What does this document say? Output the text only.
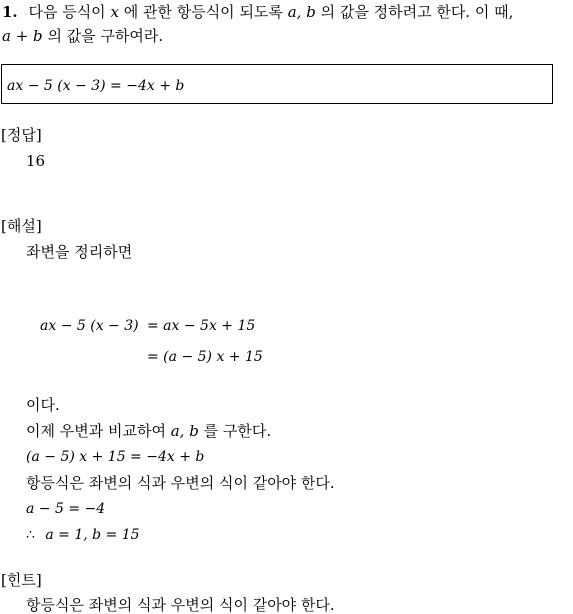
1. 다음 등식이 x 에 관한 항등식이 되도록 a, b 의 값을 정하려고 한다. 이 때,
a + b 의 값을 구하여라.
ax − 5 (x − 3) = −4x + b
[정답]
16
[해설]
좌변을 정리하면
ax − 5 (x − 3) = ax − 5x + 15
= (a − 5) x + 15
이다.
이제 우변과 비교하여 a, b 를 구한다.
(a − 5) x + 15 = −4x + b
항등식은 좌변의 식과 우변의 식이 같아야 한다.
a − 5 = −4
∴ a = 1, b = 15
[힌트]
항등식은 좌변의 식과 우변의 식이 같아야 한다.
